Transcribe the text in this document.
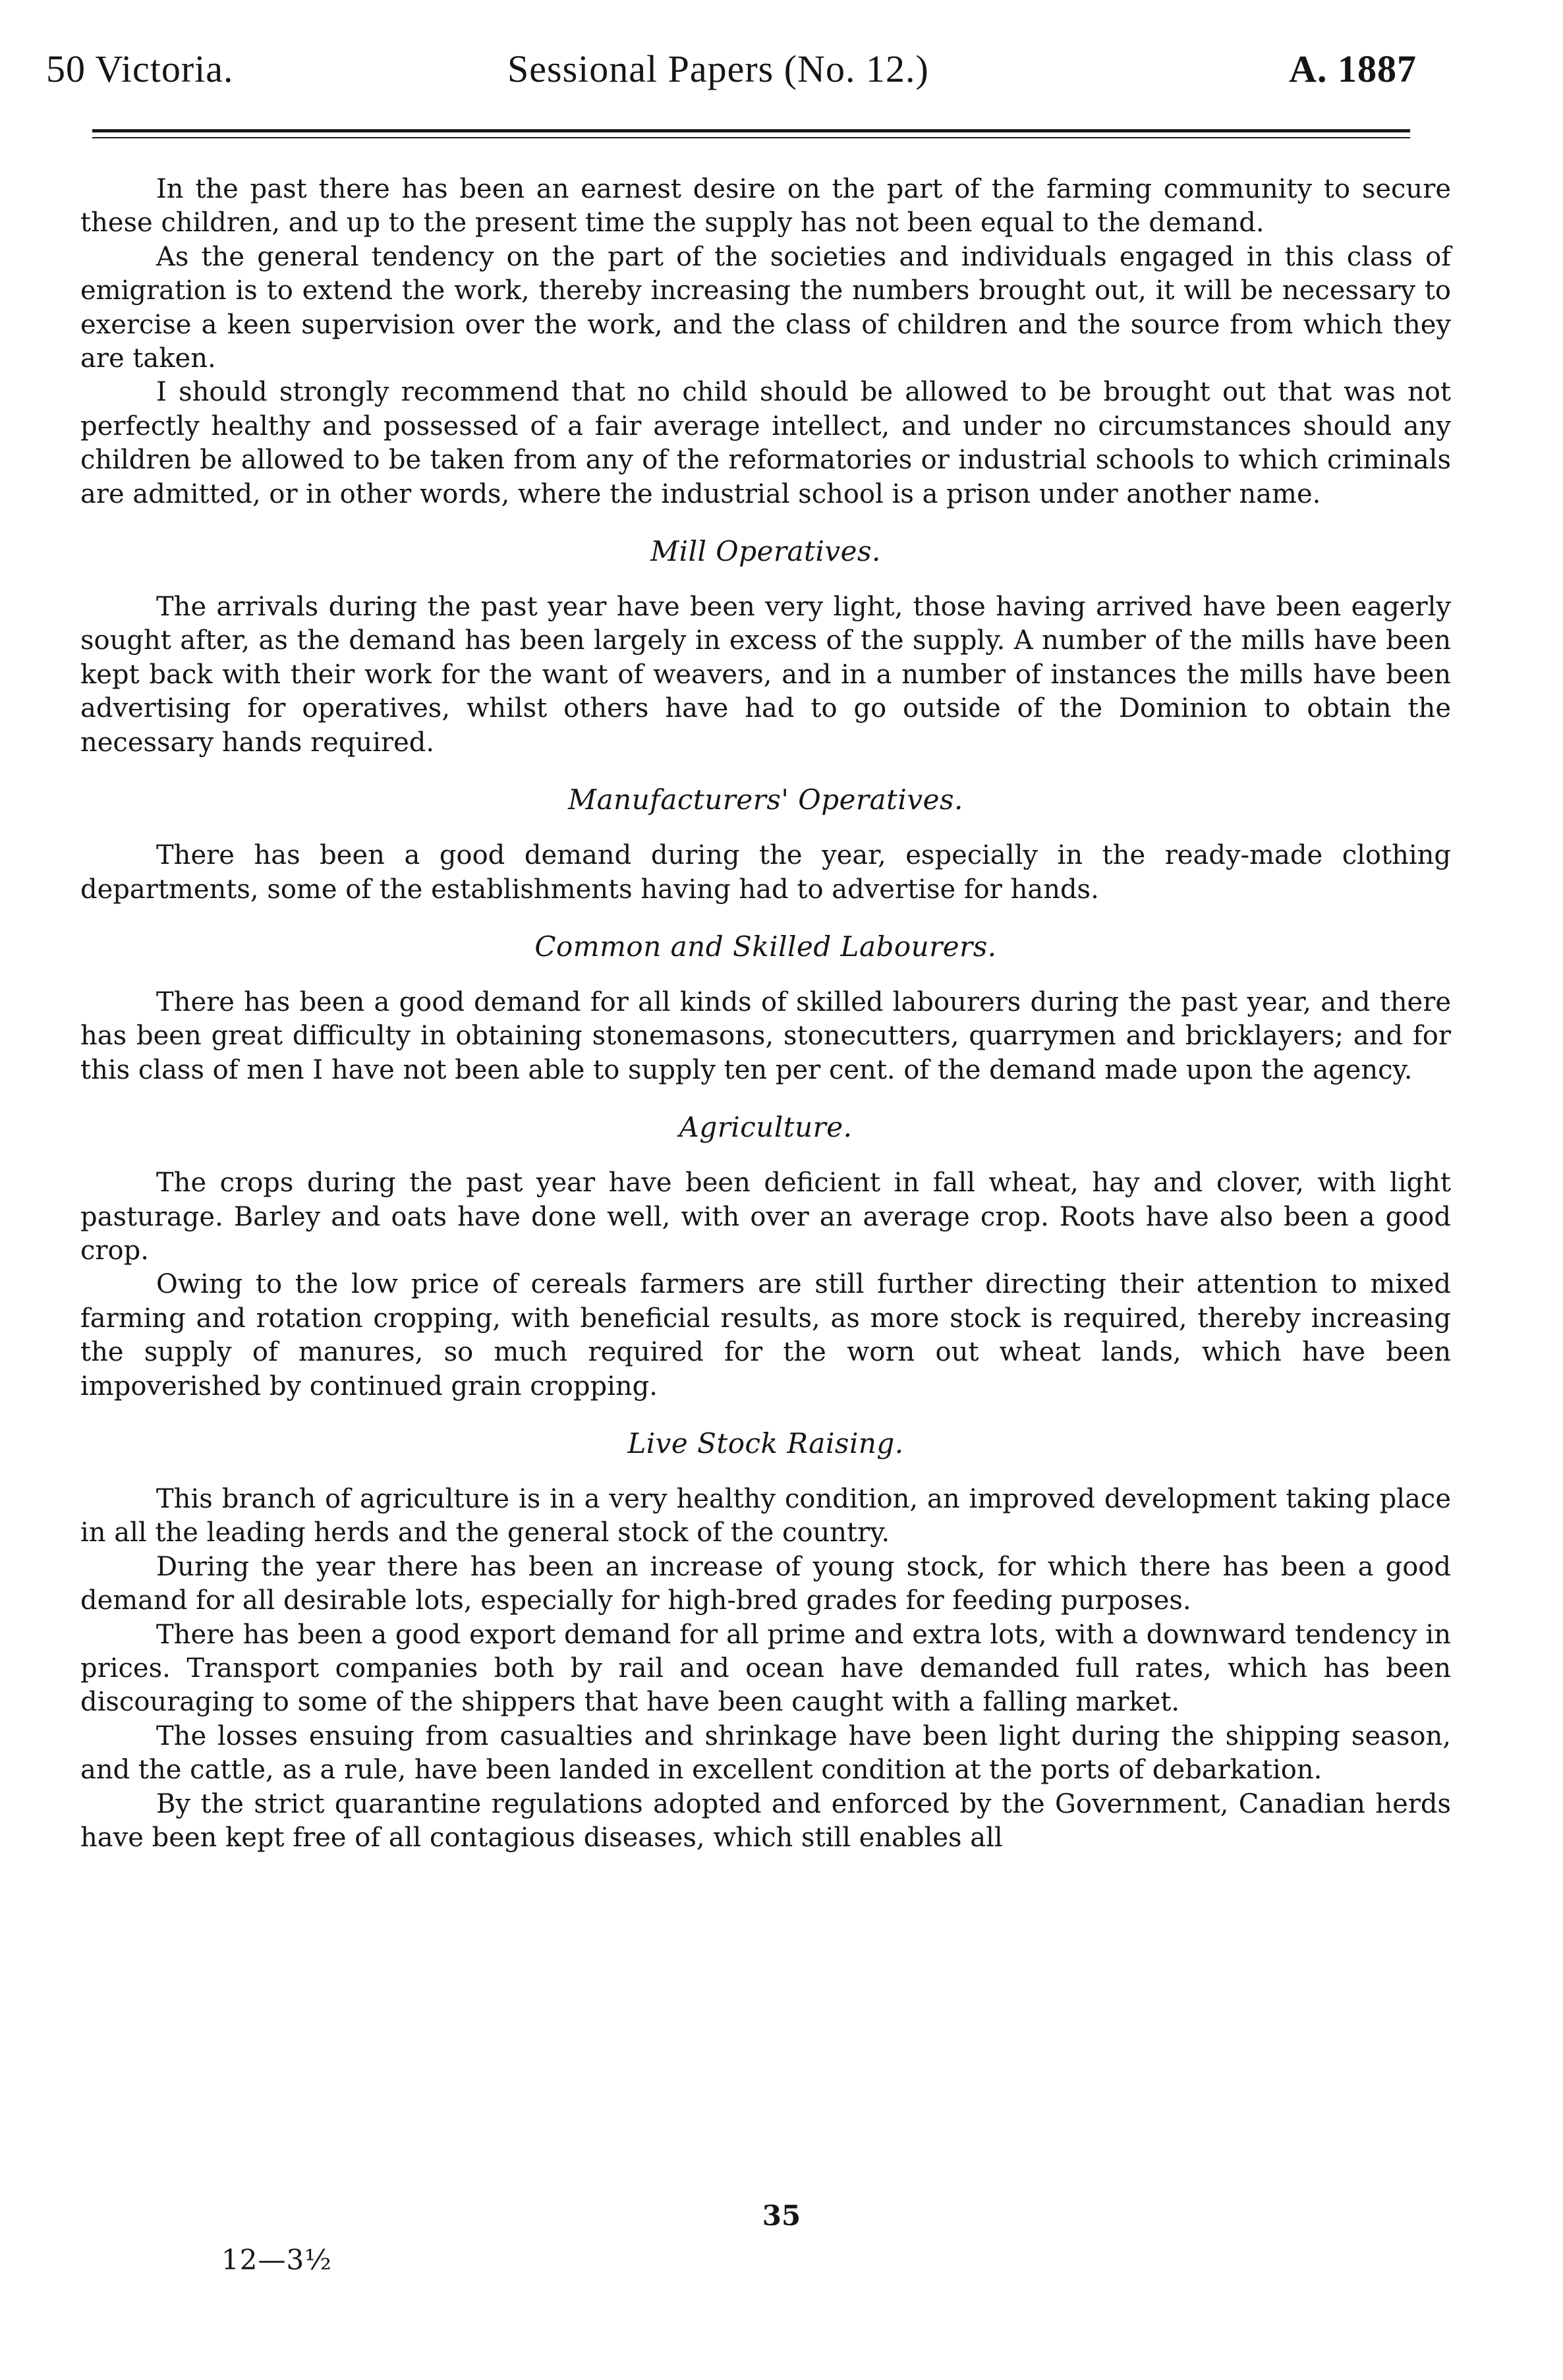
50 Victoria.	Sessional Papers (No. 12.)	A. 1887

In the past there has been an earnest desire on the part of the farming community to secure these children, and up to the present time the supply has not been equal to the demand.

As the general tendency on the part of the societies and individuals engaged in this class of emigration is to extend the work, thereby increasing the numbers brought out, it will be necessary to exercise a keen supervision over the work, and the class of children and the source from which they are taken.

I should strongly recommend that no child should be allowed to be brought out that was not perfectly healthy and possessed of a fair average intellect, and under no circumstances should any children be allowed to be taken from any of the reformatories or industrial schools to which criminals are admitted, or in other words, where the industrial school is a prison under another name.

Mill Operatives.

The arrivals during the past year have been very light, those having arrived have been eagerly sought after, as the demand has been largely in excess of the supply. A number of the mills have been kept back with their work for the want of weavers, and in a number of instances the mills have been advertising for operatives, whilst others have had to go outside of the Dominion to obtain the necessary hands required.

Manufacturers' Operatives.

There has been a good demand during the year, especially in the ready-made clothing departments, some of the establishments having had to advertise for hands.

Common and Skilled Labourers.

There has been a good demand for all kinds of skilled labourers during the past year, and there has been great difficulty in obtaining stonemasons, stonecutters, quarrymen and bricklayers; and for this class of men I have not been able to supply ten per cent. of the demand made upon the agency.

Agriculture.

The crops during the past year have been deficient in fall wheat, hay and clover, with light pasturage. Barley and oats have done well, with over an average crop. Roots have also been a good crop.

Owing to the low price of cereals farmers are still further directing their attention to mixed farming and rotation cropping, with beneficial results, as more stock is required, thereby increasing the supply of manures, so much required for the worn out wheat lands, which have been impoverished by continued grain cropping.

Live Stock Raising.

This branch of agriculture is in a very healthy condition, an improved development taking place in all the leading herds and the general stock of the country.

During the year there has been an increase of young stock, for which there has been a good demand for all desirable lots, especially for high-bred grades for feeding purposes.

There has been a good export demand for all prime and extra lots, with a downward tendency in prices. Transport companies both by rail and ocean have demanded full rates, which has been discouraging to some of the shippers that have been caught with a falling market.

The losses ensuing from casualties and shrinkage have been light during the shipping season, and the cattle, as a rule, have been landed in excellent condition at the ports of debarkation.

By the strict quarantine regulations adopted and enforced by the Government, Canadian herds have been kept free of all contagious diseases, which still enables all

35
12—3½
